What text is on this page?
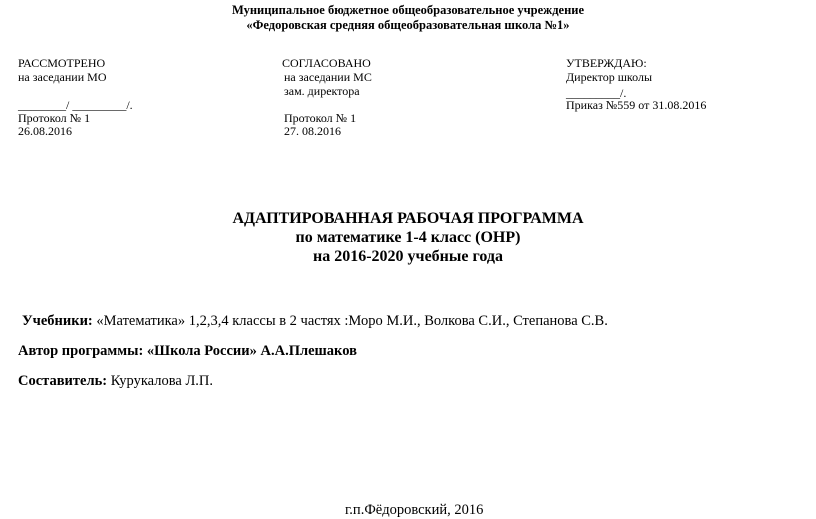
Муниципальное бюджетное общеобразовательное учреждение
«Федоровская средняя общеобразовательная школа №1»
РАССМОТРЕНО
на заседании МО
________/ _________/.
Протокол № 1
26.08.2016
СОГЛАСОВАНО
на заседании МС
зам. директора
Протокол № 1
27. 08.2016
УТВЕРЖДАЮ:
Директор школы
_________/.
Приказ №559 от 31.08.2016
АДАПТИРОВАННАЯ РАБОЧАЯ ПРОГРАММА
по математике 1-4 класс (ОНР)
на 2016-2020 учебные года
Учебники: «Математика» 1,2,3,4 классы в 2 частях :Моро М.И., Волкова С.И., Степанова С.В.
Автор программы: «Школа России» А.А.Плешаков
Составитель: Курукалова Л.П.
г.п.Фёдоровский, 2016
